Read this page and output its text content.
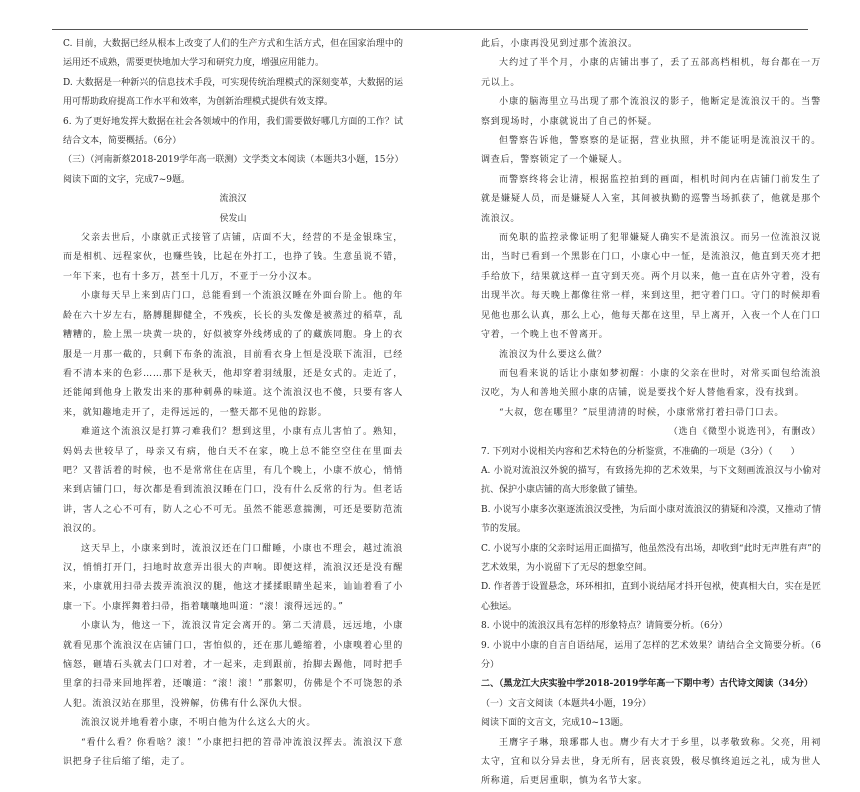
C. 目前，大数据已经从根本上改变了人们的生产方式和生活方式，但在国家治理中的运用还不成熟，需要更快地加大学习和研究力度，增强应用能力。

D. 大数据是一种新兴的信息技术手段，可实现传统治理模式的深刻变革，大数据的运用可帮助政府提高工作水平和效率，为创新治理模式提供有效支撑。

6. 为了更好地发挥大数据在社会各领域中的作用，我们需要做好哪几方面的工作？试结合文本，简要概括。（6分）

（三）（河南新蔡2018-2019学年高一联测）文学类文本阅读（本题共3小题，15分）

阅读下面的文字，完成7~9题。

流浪汉

侯发山

父亲去世后，小康就正式接管了店铺，店面不大，经营的不是金银珠宝，而是相机、远程家伙，也赚些钱，比起在外打工，也挣了钱。生意虽说不错，一年下来，也有十多万，甚至十几万，不亚于一分小汉本。

小康每天早上来到店门口，总能看到一个流浪汉睡在外面台阶上。他的年龄在六十岁左右，胳膊腿脚健全，不残疾，长长的头发像是被蒸过的稻草，乱糟糟的，脸上黑一块黄一块的，好似被穿外线烤成的了的藏族同胞。身上的衣服是一月那一截的，只剩下布条的流浪，目前看衣身上恒是没联下流泪，已经看不清本来的色彩……那下是秋天，他却穿着羽绒服，还是女式的。走近了，还能闻到他身上散发出来的那种刺鼻的味道。这个流浪汉也不傻，只要有客人来，就知趣地走开了，走得远远的，一整天都不见他的踪影。

难道这个流浪汉是打算刁难我们？想到这里，小康有点儿害怕了。熟知，妈妈去世较早了，母亲又有病，他白天不在家，晚上总不能空空住在里面去吧？又普活着的时候，也不是常常住在店里，有几个晚上，小康不放心，悄悄来到店铺门口，每次都是看到流浪汉睡在门口，没有什么反常的行为。但老话讲，害人之心不可有，防人之心不可无。虽然不能恶意揣测，可还是要防范流浪汉的。

这天早上，小康来到时，流浪汉还在门口酣睡，小康也不理会，越过流浪汉，悄悄打开门，扫地时故意弄出很大的声响。即便这样，流浪汉还是没有醒来，小康就用扫帚去拨弄流浪汉的腿，他这才揉揉眼睛坐起来，讪讪着看了小康一下。小康挥舞着扫帚，指着嚷嚷地叫道：“滚！滚得远远的。”

小康认为，他这一下，流浪汉肯定会离开的。第二天清晨，远远地，小康就看见那个流浪汉在店铺门口，害怕似的，还在那儿蜷缩着，小康嗅着心里的恼怒，砸墙石头就去门口对着，才一起来，走到跟前，抬脚去踢他，同时把手里拿的扫帚来回地挥着，还嚷道：“滚！滚！”那絮叨，仿佛是个不可饶恕的杀人犯。流浪汉站在那里，没辨解，仿佛有什么深仇大恨。

流浪汉说并地看着小康，不明白他为什么这么大的火。

“看什么看？你看啥？滚！”小康把扫把的笤帚冲流浪汉挥去。流浪汉下意识把身子往后缩了缩，走了。

此后，小康再没见到过那个流浪汉。

大约过了半个月，小康的店铺出事了，丢了五部高档相机，每台都在一万元以上。

小康的脑海里立马出现了那个流浪汉的影子，他断定是流浪汉干的。当警察到现场时，小康就说出了自己的怀疑。

但警察告诉他，警察察的是证据，营业执照，并不能证明是流浪汉干的。调查后，警察锁定了一个嫌疑人。

而警察终将会让清，根据监控拍到的画面，相机时间内在店铺门前发生了就是嫌疑人员，而是嫌疑人入室，其间被执勤的巡警当场抓获了，他就是那个流浪汉。

而免职的监控录像证明了犯罪嫌疑人确实不是流浪汉。而另一位流浪汉说出，当时已看到一个黑影在门口，小康心中一怔，是流浪汉，他直到天亮才把手给放下，结果就这样一直守到天亮。两个月以来，他一直在店外守着，没有出现半次。每天晚上都像往常一样，来到这里，把守着门口。守门的时候却看见他也那么认真，那么上心，他每天都在这里，早上离开，入夜一个人在门口守着，一个晚上也不曾离开。

流浪汉为什么要这么做？

而包看来说的话让小康如梦初醒：小康的父亲在世时，对常买面包给流浪汉吃，为人和善地关照小康的店铺，说是要找个好人替他看家，没有找到。

“大叔，您在哪里？”辰里清清的时候，小康常常打着扫帚门口去。

（选自《微型小说选刊》，有删改）

7. 下列对小说相关内容和艺术特色的分析鉴赏，不准确的一项是（3分）（　　）

A. 小说对流浪汉外貌的描写，有致扬先抑的艺术效果，与下文刻画流浪汉与小偷对抗、保护小康店铺的高大形象做了铺垫。

B. 小说写小康多次驱逐流浪汉受挫，为后面小康对流浪汉的猜疑和冷漠，又推动了情节的发展。

C. 小说写小康的父亲时运用正面描写，他虽然没有出场，却收到“此时无声胜有声”的艺术效果，为小说留下了无尽的想象空间。

D. 作者善于设置悬念，环环相扣，直到小说结尾才抖开包袱，使真相大白，实在是匠心独运。

8. 小说中的流浪汉具有怎样的形象特点？请简要分析。（6分）

9. 小说中小康的自言自语结尾，运用了怎样的艺术效果？请结合全文简要分析。（6分）

二、（黑龙江大庆实验中学2018-2019学年高一下期中考）古代诗文阅读（34分）

（一）文言文阅读（本题共4小题，19分）

阅读下面的文言文，完成10~13题。

王膺字子琳，琅琊郡人也。膺少有大才于乡里，以孝敬致称。父亮，用祠太守，宜和以分异去世，身无所有，居丧哀毁，极尽慎终追远之礼，成为世人所称道，后更居重职，慎为名节大家。
